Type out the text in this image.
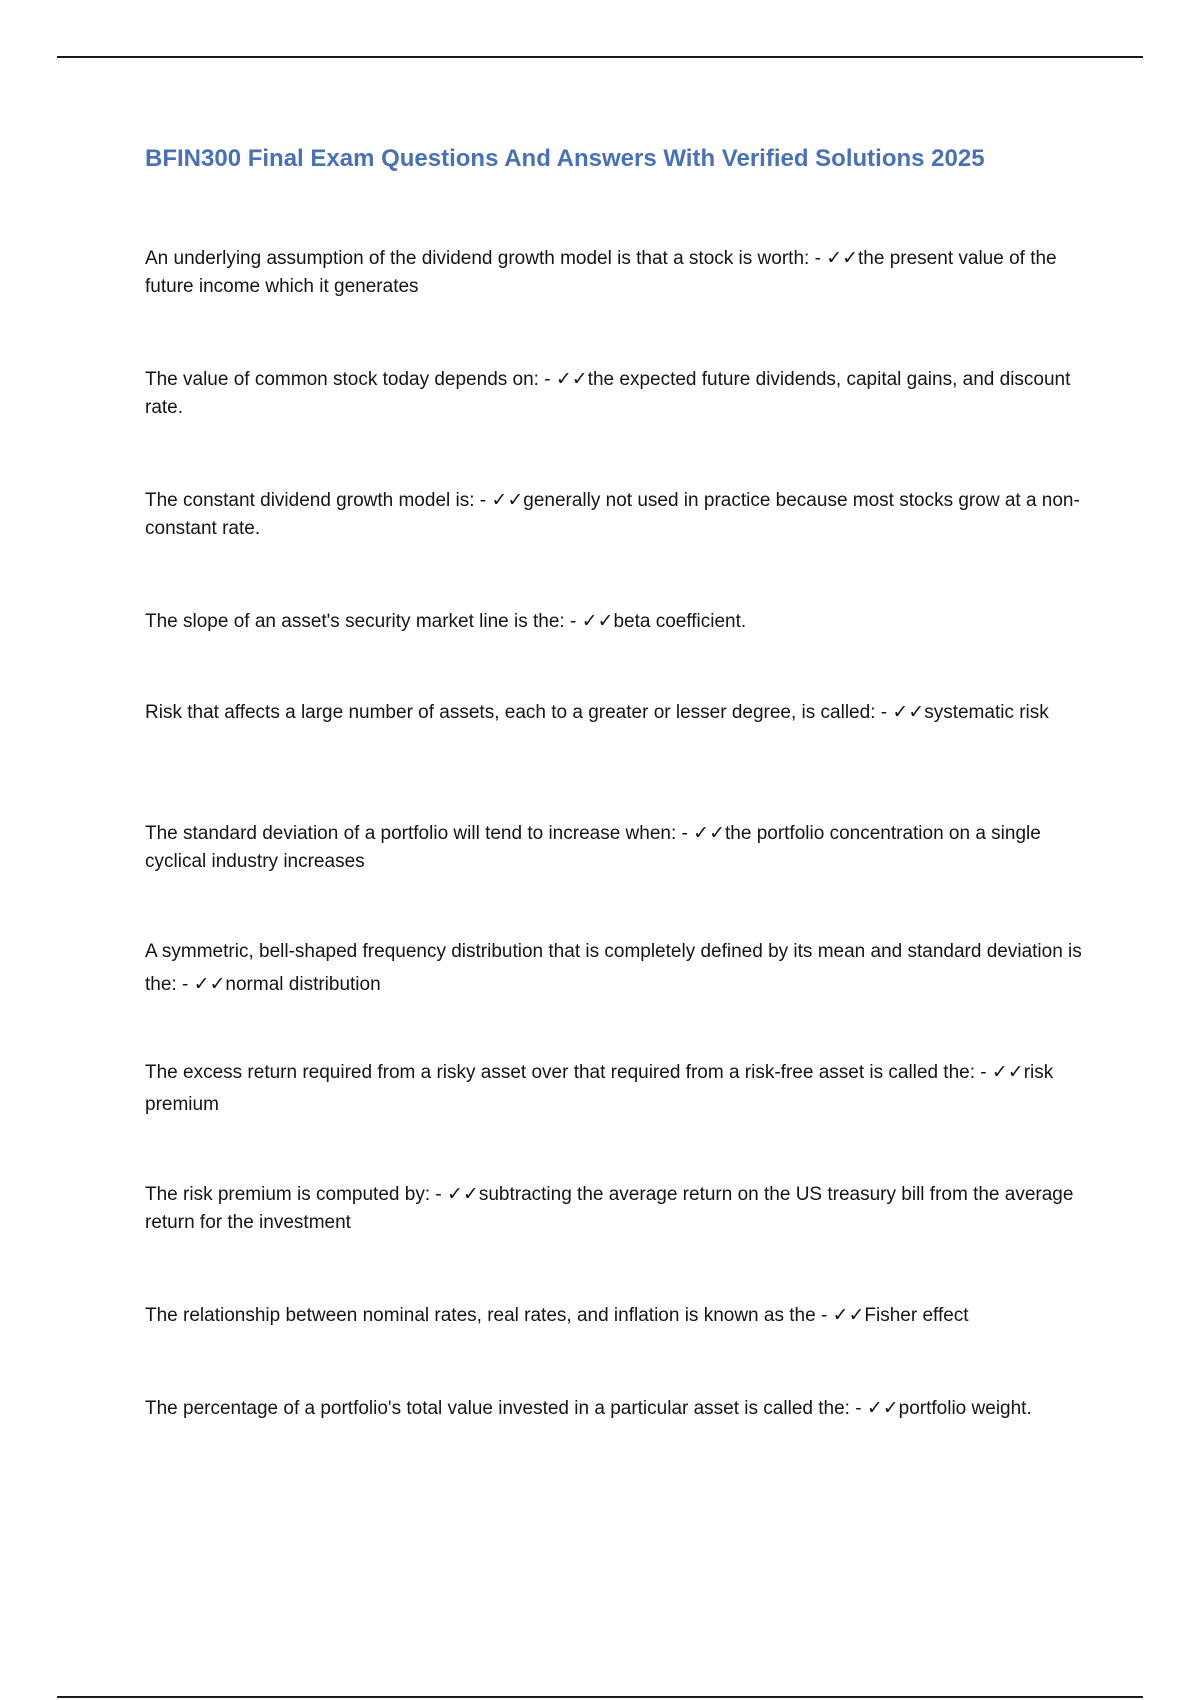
BFIN300 Final Exam Questions And Answers With Verified Solutions 2025

An underlying assumption of the dividend growth model is that a stock is worth: - ✓✓the present value of the future income which it generates

The value of common stock today depends on: - ✓✓the expected future dividends, capital gains, and discount rate.

The constant dividend growth model is: - ✓✓generally not used in practice because most stocks grow at a non-constant rate.

The slope of an asset's security market line is the: - ✓✓beta coefficient.

Risk that affects a large number of assets, each to a greater or lesser degree, is called: - ✓✓systematic risk

The standard deviation of a portfolio will tend to increase when: - ✓✓the portfolio concentration on a single cyclical industry increases

A symmetric, bell-shaped frequency distribution that is completely defined by its mean and standard deviation is the: - ✓✓normal distribution

The excess return required from a risky asset over that required from a risk-free asset is called the: - ✓✓risk premium

The risk premium is computed by: - ✓✓subtracting the average return on the US treasury bill from the average return for the investment

The relationship between nominal rates, real rates, and inflation is known as the - ✓✓Fisher effect

The percentage of a portfolio's total value invested in a particular asset is called the: - ✓✓portfolio weight.
